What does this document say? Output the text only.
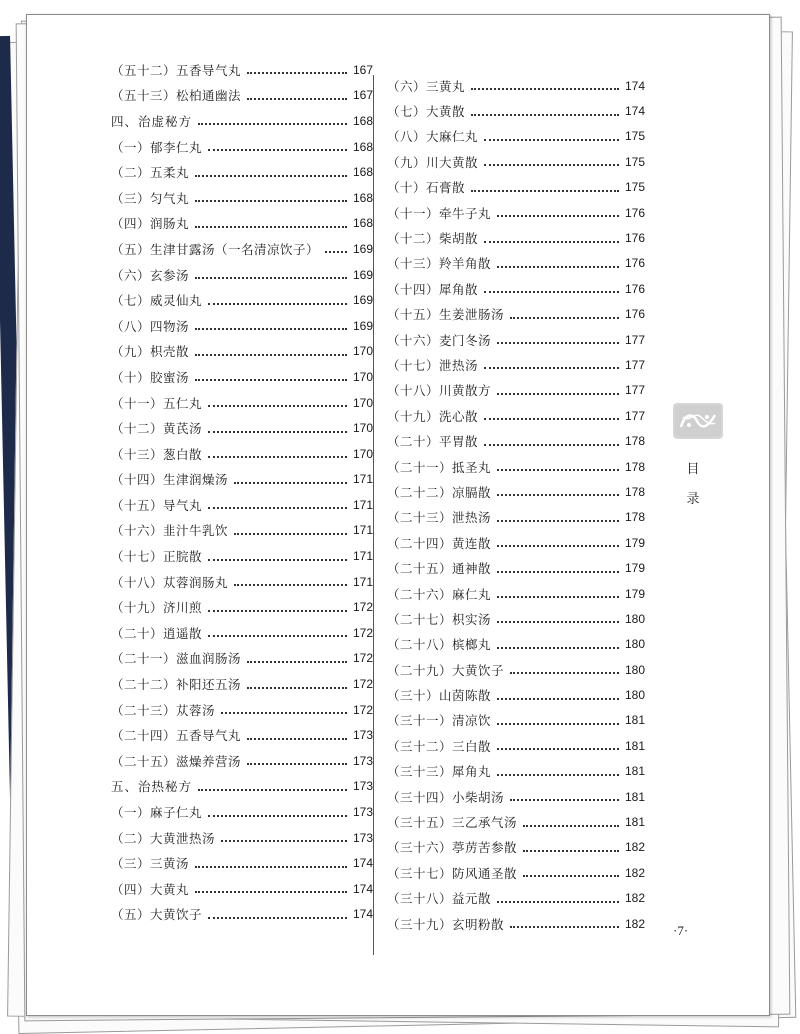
（五十二）五香导气丸	167
（五十三）松柏通幽法	167
四、治虚秘方	168
（一）郁李仁丸	168
（二）五柔丸	168
（三）匀气丸	168
（四）润肠丸	168
（五）生津甘露汤（一名清凉饮子）	169
（六）玄参汤	169
（七）威灵仙丸	169
（八）四物汤	169
（九）枳壳散	170
（十）胶蜜汤	170
（十一）五仁丸	170
（十二）黄芪汤	170
（十三）葱白散	170
（十四）生津润燥汤	171
（十五）导气丸	171
（十六）韭汁牛乳饮	171
（十七）正脘散	171
（十八）苁蓉润肠丸	171
（十九）济川煎	172
（二十）逍遥散	172
（二十一）滋血润肠汤	172
（二十二）补阳还五汤	172
（二十三）苁蓉汤	172
（二十四）五香导气丸	173
（二十五）滋燥养营汤	173
五、治热秘方	173
（一）麻子仁丸	173
（二）大黄泄热汤	173
（三）三黄汤	174
（四）大黄丸	174
（五）大黄饮子	174
（六）三黄丸	174
（七）大黄散	174
（八）大麻仁丸	175
（九）川大黄散	175
（十）石膏散	175
（十一）牵牛子丸	176
（十二）柴胡散	176
（十三）羚羊角散	176
（十四）犀角散	176
（十五）生姜泄肠汤	176
（十六）麦门冬汤	177
（十七）泄热汤	177
（十八）川黄散方	177
（十九）洗心散	177
（二十）平胃散	178
（二十一）抵圣丸	178
（二十二）凉膈散	178
（二十三）泄热汤	178
（二十四）黄连散	179
（二十五）通神散	179
（二十六）麻仁丸	179
（二十七）枳实汤	180
（二十八）槟榔丸	180
（二十九）大黄饮子	180
（三十）山茵陈散	180
（三十一）清凉饮	181
（三十二）三白散	181
（三十三）犀角丸	181
（三十四）小柴胡汤	181
（三十五）三乙承气汤	181
（三十六）葶苈苦参散	182
（三十七）防风通圣散	182
（三十八）益元散	182
（三十九）玄明粉散	182
目
录
·7·
